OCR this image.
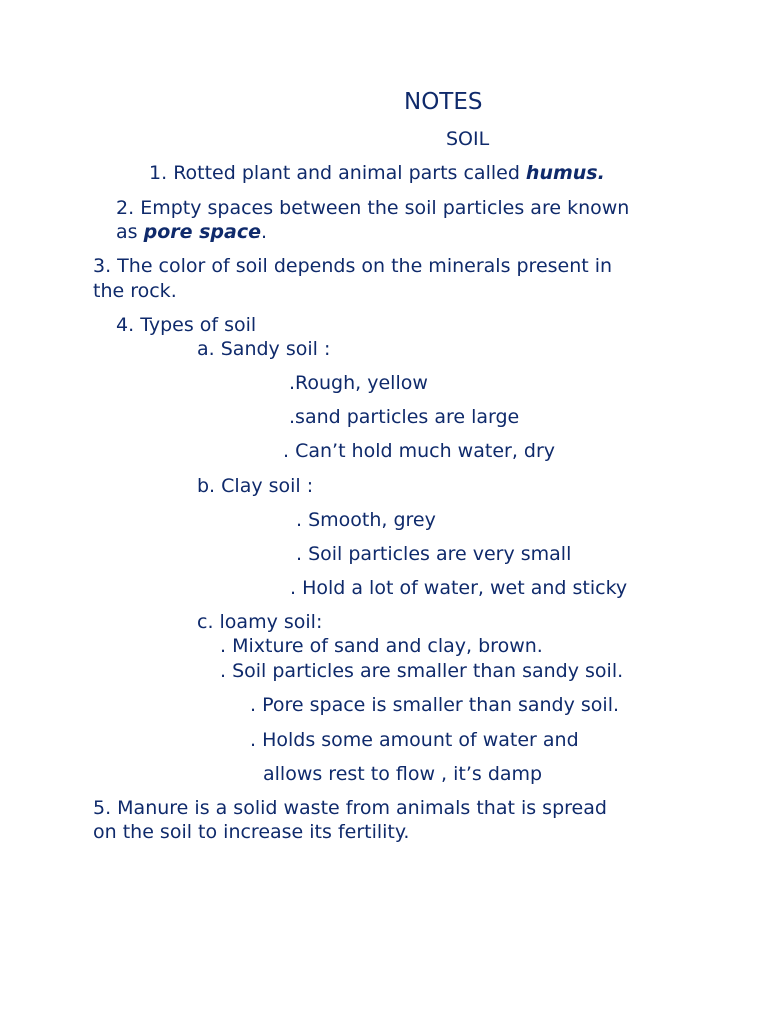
NOTES
SOIL
1. Rotted plant and animal parts called humus.
2. Empty spaces between the soil particles are known
as pore space.
3. The color of soil depends on the minerals present in
the rock.
4. Types of soil
a. Sandy soil :
.Rough, yellow
.sand particles are large
. Can’t hold much water, dry
b. Clay soil :
. Smooth, grey
. Soil particles are very small
. Hold a lot of water, wet and sticky
c. loamy soil:
. Mixture of sand and clay, brown.
. Soil particles are smaller than sandy soil.
. Pore space is smaller than sandy soil.
. Holds some amount of water and
allows rest to flow , it’s damp
5. Manure is a solid waste from animals that is spread
on the soil to increase its fertility.
